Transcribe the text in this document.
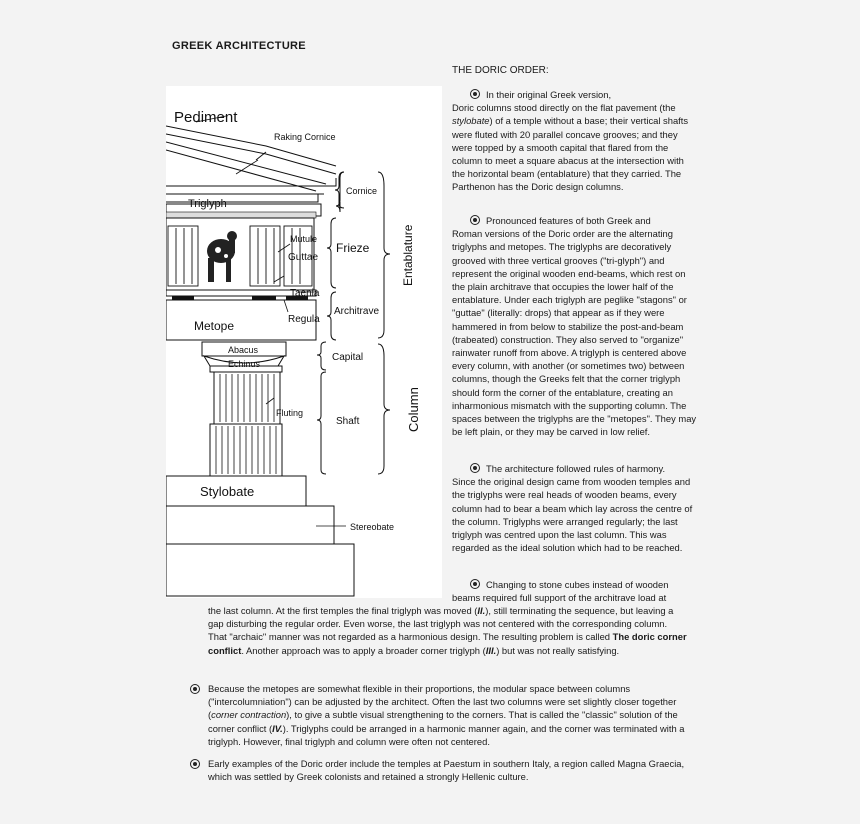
GREEK ARCHITECTURE
THE DORIC ORDER:
Pediment
Raking Cornice
Cornice
Triglyph
Mutule
Frieze
Guttae	Entablature
Taenia
Architrave
Regula
Metope
Abacus
Echinus
Capital
Fluting
Shaft	Column
Stylobate
Stereobate
In their original Greek version,
Doric columns stood directly on the flat pavement (the stylobate) of a temple without a base; their vertical shafts were fluted with 20 parallel concave grooves; and they were topped by a smooth capital that flared from the column to meet a square abacus at the intersection with the horizontal beam (entablature) that they carried. The Parthenon has the Doric design columns.
Pronounced features of both Greek and
Roman versions of the Doric order are the alternating triglyphs and metopes. The triglyphs are decoratively grooved with three vertical grooves ("tri-glyph") and represent the original wooden end-beams, which rest on the plain architrave that occupies the lower half of the entablature. Under each triglyph are peglike "stagons" or "guttae" (literally: drops) that appear as if they were hammered in from below to stabilize the post-and-beam (trabeated) construction. They also served to "organize" rainwater runoff from above. A triglyph is centered above every column, with another (or sometimes two) between columns, though the Greeks felt that the corner triglyph should form the corner of the entablature, creating an inharmonious mismatch with the supporting column. The spaces between the triglyphs are the "metopes". They may be left plain, or they may be carved in low relief.
The architecture followed rules of harmony.
Since the original design came from wooden temples and the triglyphs were real heads of wooden beams, every column had to bear a beam which lay across the centre of the column. Triglyphs were arranged regularly; the last triglyph was centred upon the last column. This was regarded as the ideal solution which had to be reached.
Changing to stone cubes instead of wooden
beams required full support of the architrave load at
the last column. At the first temples the final triglyph was moved (II.), still terminating the sequence, but leaving a gap disturbing the regular order. Even worse, the last triglyph was not centered with the corresponding column. That "archaic" manner was not regarded as a harmonious design. The resulting problem is called The doric corner conflict. Another approach was to apply a broader corner triglyph (III.) but was not really satisfying.
Because the metopes are somewhat flexible in their proportions, the modular space between columns ("intercolumniation") can be adjusted by the architect. Often the last two columns were set slightly closer together (corner contraction), to give a subtle visual strengthening to the corners. That is called the "classic" solution of the corner conflict (IV.). Triglyphs could be arranged in a harmonic manner again, and the corner was terminated with a triglyph. However, final triglyph and column were often not centered.
Early examples of the Doric order include the temples at Paestum in southern Italy, a region called Magna Graecia, which was settled by Greek colonists and retained a strongly Hellenic culture.
